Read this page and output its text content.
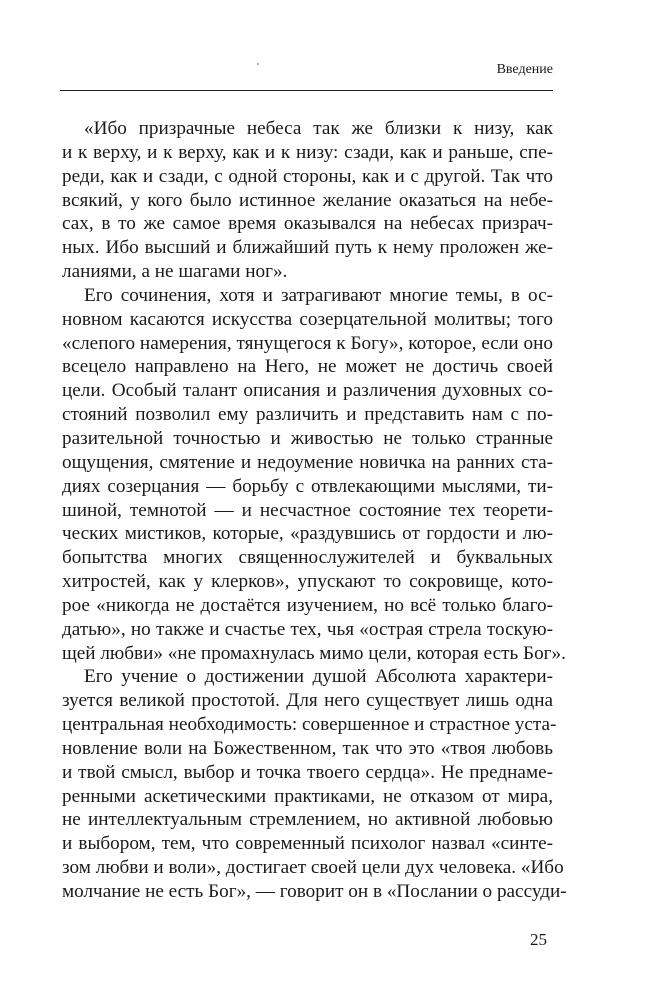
Введение
«Ибо призрачные небеса так же близки к низу, как
и к верху, и к верху, как и к низу: сзади, как и раньше, спе-
реди, как и сзади, с одной стороны, как и с другой. Так что
всякий, у кого было истинное желание оказаться на небе-
сах, в то же самое время оказывался на небесах призрач-
ных. Ибо высший и ближайший путь к нему проложен же-
ланиями, а не шагами ног».
Его сочинения, хотя и затрагивают многие темы, в ос-
новном касаются искусства созерцательной молитвы; того
«слепого намерения, тянущегося к Богу», которое, если оно
всецело направлено на Него, не может не достичь своей
цели. Особый талант описания и различения духовных со-
стояний позволил ему различить и представить нам с по-
разительной точностью и живостью не только странные
ощущения, смятение и недоумение новичка на ранних ста-
диях созерцания — борьбу с отвлекающими мыслями, ти-
шиной, темнотой — и несчастное состояние тех теорети-
ческих мистиков, которые, «раздувшись от гордости и лю-
бопытства многих священнослужителей и буквальных
хитростей, как у клерков», упускают то сокровище, кото-
рое «никогда не достаётся изучением, но всё только благо-
датью», но также и счастье тех, чья «острая стрела тоскую-
щей любви» «не промахнулась мимо цели, которая есть Бог».
Его учение о достижении душой Абсолюта характери-
зуется великой простотой. Для него существует лишь одна
центральная необходимость: совершенное и страстное уста-
новление воли на Божественном, так что это «твоя любовь
и твой смысл, выбор и точка твоего сердца». Не преднаме-
ренными аскетическими практиками, не отказом от мира,
не интеллектуальным стремлением, но активной любовью
и выбором, тем, что современный психолог назвал «синте-
зом любви и воли», достигает своей цели дух человека. «Ибо
молчание не есть Бог», — говорит он в «Послании о рассуди-
25
